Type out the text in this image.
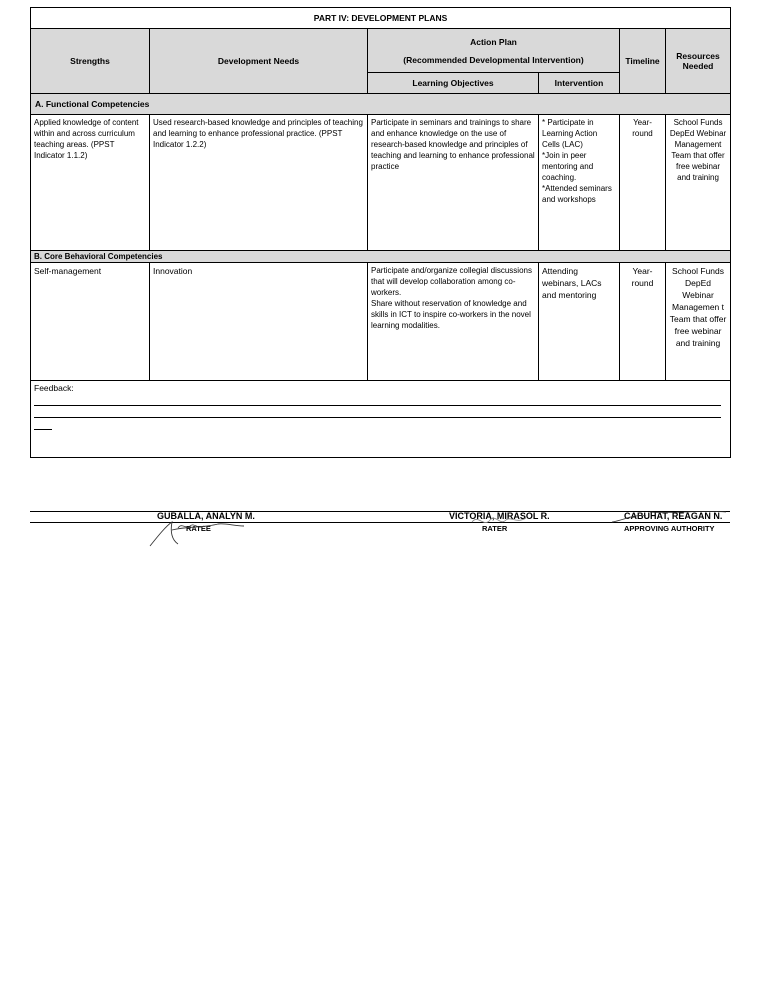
PART IV: DEVELOPMENT PLANS					
Strengths	Development Needs	Action Plan
(Recommended Developmental Intervention)		Timeline	Resources Needed
		Learning Objectives	Intervention		
A. Functional Competencies					
Applied knowledge of content within and across curriculum teaching areas. (PPST Indicator 1.1.2)	Used research-based knowledge and principles of teaching and learning to enhance professional practice. (PPST Indicator 1.2.2)	Participate in seminars and trainings to share and enhance knowledge on the use of research-based knowledge and principles of teaching and learning to enhance professional practice	* Participate in Learning Action Cells (LAC)
*Join in peer mentoring and coaching.
*Attended seminars and workshops	Year-round	School Funds DepEd Webinar Management Team that offer free webinar and training
B. Core Behavioral Competencies					
Self-management	Innovation	Participate and/organize collegial discussions that will develop collaboration among co-workers.
Share without reservation of knowledge and skills in ICT to inspire co-workers in the novel learning modalities.	Attending webinars, LACs and mentoring	Year-round	School Funds DepEd Webinar Managemen t Team that offer free webinar and training

Feedback:					
GUBALLA, ANALYN M.
RATEE
VICTORIA, MIRASOL R.
RATER
CABUHAT, REAGAN N.
APPROVING AUTHORITY
